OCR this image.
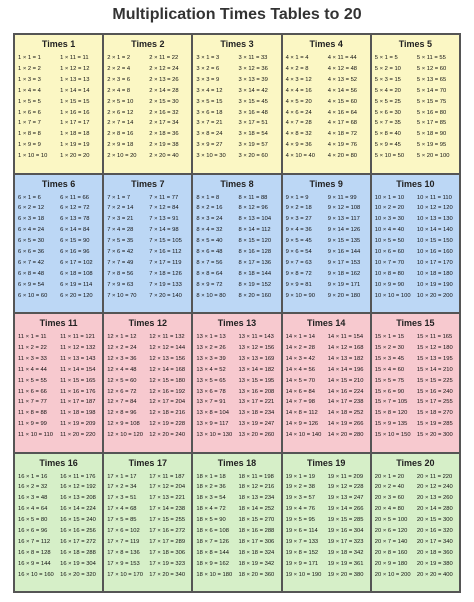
Multiplication Times Tables to 20
Times 1
1 × 1 = 1
1 × 2 = 2
1 × 3 = 3
1 × 4 = 4
1 × 5 = 5
1 × 6 = 6
1 × 7 = 7
1 × 8 = 8
1 × 9 = 9
1 × 10 = 10
1 × 11 = 11
1 × 12 = 12
1 × 13 = 13
1 × 14 = 14
1 × 15 = 15
1 × 16 = 16
1 × 17 = 17
1 × 18 = 18
1 × 19 = 19
1 × 20 = 20
Times 2
2 × 1 = 2
2 × 2 = 4
2 × 3 = 6
2 × 4 = 8
2 × 5 = 10
2 × 6 = 12
2 × 7 = 14
2 × 8 = 16
2 × 9 = 18
2 × 10 = 20
2 × 11 = 22
2 × 12 = 24
2 × 13 = 26
2 × 14 = 28
2 × 15 = 30
2 × 16 = 32
2 × 17 = 34
2 × 18 = 36
2 × 19 = 38
2 × 20 = 40
Times 3
3 × 1 = 3
3 × 2 = 6
3 × 3 = 9
3 × 4 = 12
3 × 5 = 15
3 × 6 = 18
3 × 7 = 21
3 × 8 = 24
3 × 9 = 27
3 × 10 = 30
3 × 11 = 33
3 × 12 = 36
3 × 13 = 39
3 × 14 = 42
3 × 15 = 45
3 × 16 = 48
3 × 17 = 51
3 × 18 = 54
3 × 19 = 57
3 × 20 = 60
Times 4
4 × 1 = 4
4 × 2 = 8
4 × 3 = 12
4 × 4 = 16
4 × 5 = 20
4 × 6 = 24
4 × 7 = 28
4 × 8 = 32
4 × 9 = 36
4 × 10 = 40
4 × 11 = 44
4 × 12 = 48
4 × 13 = 52
4 × 14 = 56
4 × 15 = 60
4 × 16 = 64
4 × 17 = 68
4 × 18 = 72
4 × 19 = 76
4 × 20 = 80
Times 5
5 × 1 = 5
5 × 2 = 10
5 × 3 = 15
5 × 4 = 20
5 × 5 = 25
5 × 6 = 30
5 × 7 = 35
5 × 8 = 40
5 × 9 = 45
5 × 10 = 50
5 × 11 = 55
5 × 12 = 60
5 × 13 = 65
5 × 14 = 70
5 × 15 = 75
5 × 16 = 80
5 × 17 = 85
5 × 18 = 90
5 × 19 = 95
5 × 20 = 100
Times 6
6 × 1 = 6
6 × 2 = 12
6 × 3 = 18
6 × 4 = 24
6 × 5 = 30
6 × 6 = 36
6 × 7 = 42
6 × 8 = 48
6 × 9 = 54
6 × 10 = 60
6 × 11 = 66
6 × 12 = 72
6 × 13 = 78
6 × 14 = 84
6 × 15 = 90
6 × 16 = 96
6 × 17 = 102
6 × 18 = 108
6 × 19 = 114
6 × 20 = 120
Times 7
7 × 1 = 7
7 × 2 = 14
7 × 3 = 21
7 × 4 = 28
7 × 5 = 35
7 × 6 = 42
7 × 7 = 49
7 × 8 = 56
7 × 9 = 63
7 × 10 = 70
7 × 11 = 77
7 × 12 = 84
7 × 13 = 91
7 × 14 = 98
7 × 15 = 105
7 × 16 = 112
7 × 17 = 119
7 × 18 = 126
7 × 19 = 133
7 × 20 = 140
Times 8
8 × 1 = 8
8 × 2 = 16
8 × 3 = 24
8 × 4 = 32
8 × 5 = 40
8 × 6 = 48
8 × 7 = 56
8 × 8 = 64
8 × 9 = 72
8 × 10 = 80
8 × 11 = 88
8 × 12 = 96
8 × 13 = 104
8 × 14 = 112
8 × 15 = 120
8 × 16 = 128
8 × 17 = 136
8 × 18 = 144
8 × 19 = 152
8 × 20 = 160
Times 9
9 × 1 = 9
9 × 2 = 18
9 × 3 = 27
9 × 4 = 36
9 × 5 = 45
9 × 6 = 54
9 × 7 = 63
9 × 8 = 72
9 × 9 = 81
9 × 10 = 90
9 × 11 = 99
9 × 12 = 108
9 × 13 = 117
9 × 14 = 126
9 × 15 = 135
9 × 16 = 144
9 × 17 = 153
9 × 18 = 162
9 × 19 = 171
9 × 20 = 180
Times 10
10 × 1 = 10
10 × 2 = 20
10 × 3 = 30
10 × 4 = 40
10 × 5 = 50
10 × 6 = 60
10 × 7 = 70
10 × 8 = 80
10 × 9 = 90
10 × 10 = 100
10 × 11 = 110
10 × 12 = 120
10 × 13 = 130
10 × 14 = 140
10 × 15 = 150
10 × 16 = 160
10 × 17 = 170
10 × 18 = 180
10 × 19 = 190
10 × 20 = 200
Times 11
11 × 1 = 11
11 × 2 = 22
11 × 3 = 33
11 × 4 = 44
11 × 5 = 55
11 × 6 = 66
11 × 7 = 77
11 × 8 = 88
11 × 9 = 99
11 × 10 = 110
11 × 11 = 121
11 × 12 = 132
11 × 13 = 143
11 × 14 = 154
11 × 15 = 165
11 × 16 = 176
11 × 17 = 187
11 × 18 = 198
11 × 19 = 209
11 × 20 = 220
Times 12
12 × 1 = 12
12 × 2 = 24
12 × 3 = 36
12 × 4 = 48
12 × 5 = 60
12 × 6 = 72
12 × 7 = 84
12 × 8 = 96
12 × 9 = 108
12 × 10 = 120
12 × 11 = 132
12 × 12 = 144
12 × 13 = 156
12 × 14 = 168
12 × 15 = 180
12 × 16 = 192
12 × 17 = 204
12 × 18 = 216
12 × 19 = 228
12 × 20 = 240
Times 13
13 × 1 = 13
13 × 2 = 26
13 × 3 = 39
13 × 4 = 52
13 × 5 = 65
13 × 6 = 78
13 × 7 = 91
13 × 8 = 104
13 × 9 = 117
13 × 10 = 130
13 × 11 = 143
13 × 12 = 156
13 × 13 = 169
13 × 14 = 182
13 × 15 = 195
13 × 16 = 208
13 × 17 = 221
13 × 18 = 234
13 × 19 = 247
13 × 20 = 260
Times 14
14 × 1 = 14
14 × 2 = 28
14 × 3 = 42
14 × 4 = 56
14 × 5 = 70
14 × 6 = 84
14 × 7 = 98
14 × 8 = 112
14 × 9 = 126
14 × 10 = 140
14 × 11 = 154
14 × 12 = 168
14 × 13 = 182
14 × 14 = 196
14 × 15 = 210
14 × 16 = 224
14 × 17 = 238
14 × 18 = 252
14 × 19 = 266
14 × 20 = 280
Times 15
15 × 1 = 15
15 × 2 = 30
15 × 3 = 45
15 × 4 = 60
15 × 5 = 75
15 × 6 = 90
15 × 7 = 105
15 × 8 = 120
15 × 9 = 135
15 × 10 = 150
15 × 11 = 165
15 × 12 = 180
15 × 13 = 195
15 × 14 = 210
15 × 15 = 225
15 × 16 = 240
15 × 17 = 255
15 × 18 = 270
15 × 19 = 285
15 × 20 = 300
Times 16
16 × 1 = 16
16 × 2 = 32
16 × 3 = 48
16 × 4 = 64
16 × 5 = 80
16 × 6 = 96
16 × 7 = 112
16 × 8 = 128
16 × 9 = 144
16 × 10 = 160
16 × 11 = 176
16 × 12 = 192
16 × 13 = 208
16 × 14 = 224
16 × 15 = 240
16 × 16 = 256
16 × 17 = 272
16 × 18 = 288
16 × 19 = 304
16 × 20 = 320
Times 17
17 × 1 = 17
17 × 2 = 34
17 × 3 = 51
17 × 4 = 68
17 × 5 = 85
17 × 6 = 102
17 × 7 = 119
17 × 8 = 136
17 × 9 = 153
17 × 10 = 170
17 × 11 = 187
17 × 12 = 204
17 × 13 = 221
17 × 14 = 238
17 × 15 = 255
17 × 16 = 272
17 × 17 = 289
17 × 18 = 306
17 × 19 = 323
17 × 20 = 340
Times 18
18 × 1 = 18
18 × 2 = 36
18 × 3 = 54
18 × 4 = 72
18 × 5 = 90
18 × 6 = 108
18 × 7 = 126
18 × 8 = 144
18 × 9 = 162
18 × 10 = 180
18 × 11 = 198
18 × 12 = 216
18 × 13 = 234
18 × 14 = 252
18 × 15 = 270
18 × 16 = 288
18 × 17 = 306
18 × 18 = 324
18 × 19 = 342
18 × 20 = 360
Times 19
19 × 1 = 19
19 × 2 = 38
19 × 3 = 57
19 × 4 = 76
19 × 5 = 95
19 × 6 = 114
19 × 7 = 133
19 × 8 = 152
19 × 9 = 171
19 × 10 = 190
19 × 11 = 209
19 × 12 = 228
19 × 13 = 247
19 × 14 = 266
19 × 15 = 285
19 × 16 = 304
19 × 17 = 323
19 × 18 = 342
19 × 19 = 361
19 × 20 = 380
Times 20
20 × 1 = 20
20 × 2 = 40
20 × 3 = 60
20 × 4 = 80
20 × 5 = 100
20 × 6 = 120
20 × 7 = 140
20 × 8 = 160
20 × 9 = 180
20 × 10 = 200
20 × 11 = 220
20 × 12 = 240
20 × 13 = 260
20 × 14 = 280
20 × 15 = 300
20 × 16 = 320
20 × 17 = 340
20 × 18 = 360
20 × 19 = 380
20 × 20 = 400
